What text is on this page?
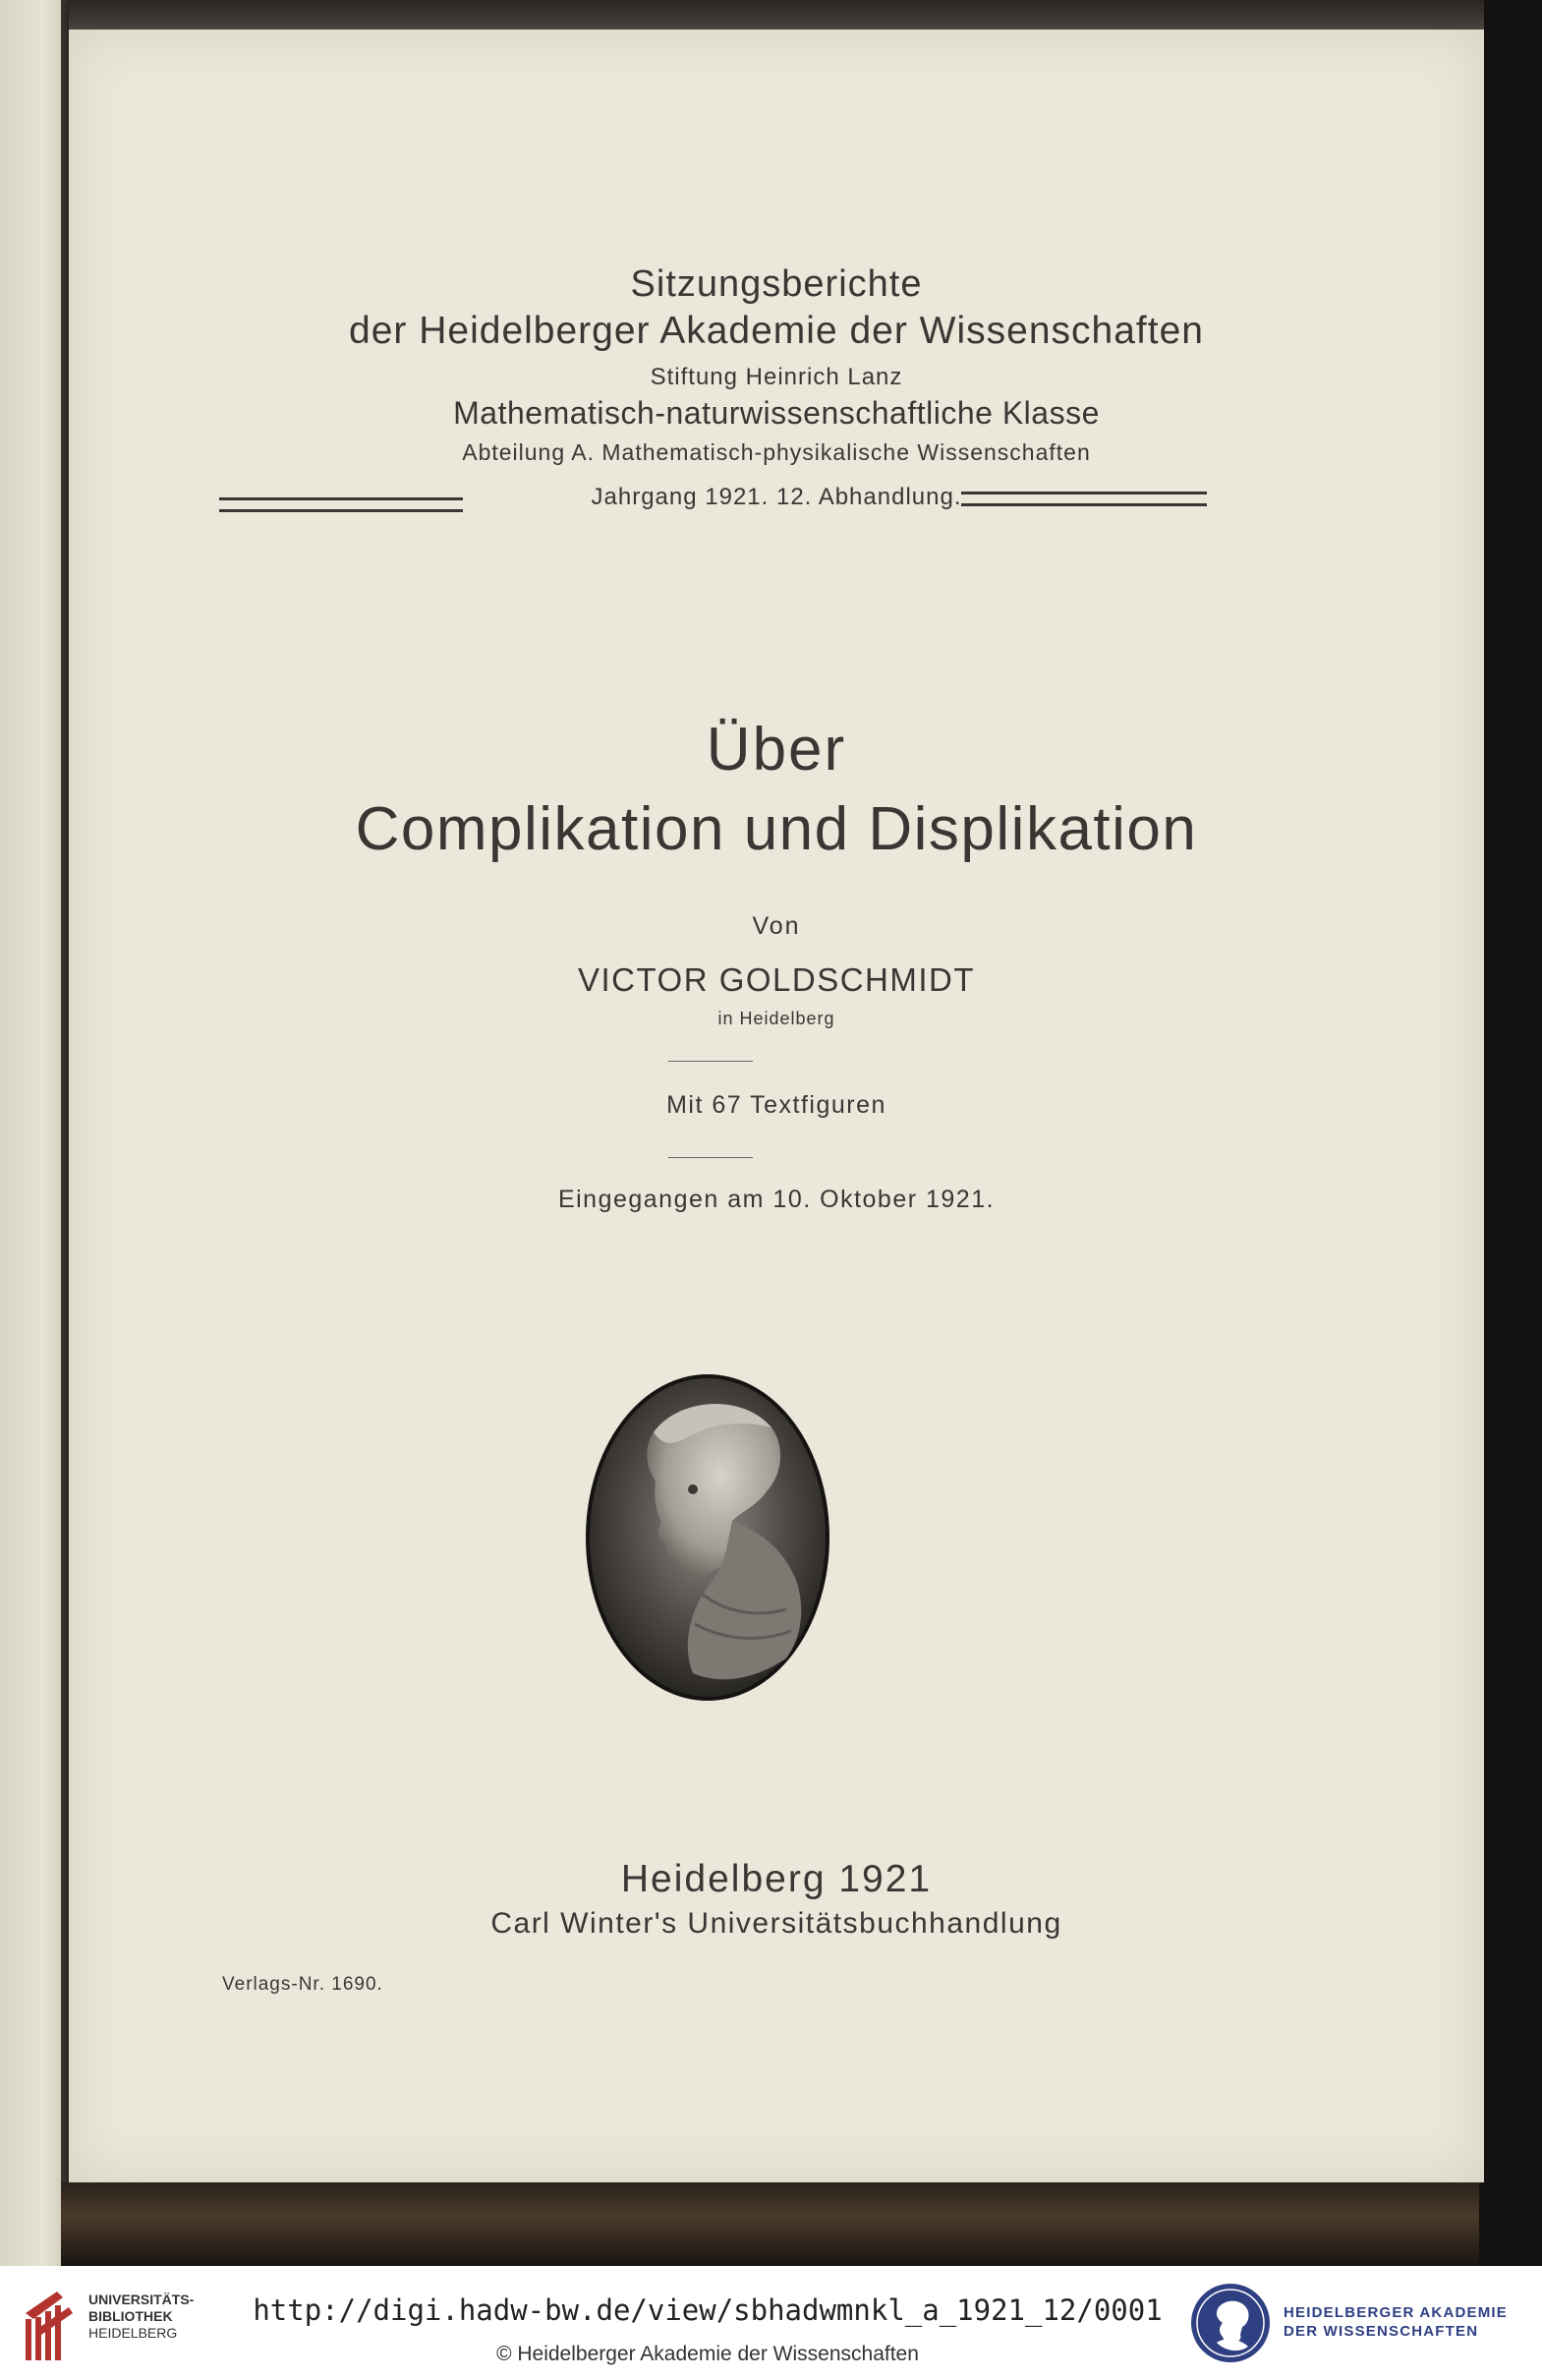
Sitzungsberichte
der Heidelberger Akademie der Wissenschaften
Stiftung Heinrich Lanz
Mathematisch-naturwissenschaftliche Klasse
Abteilung A. Mathematisch-physikalische Wissenschaften
Jahrgang 1921. 12. Abhandlung.
Über
Complikation und Displikation
Von
VICTOR GOLDSCHMIDT
in Heidelberg
Mit 67 Textfiguren
Eingegangen am 10. Oktober 1921.
Heidelberg 1921
Carl Winter's Universitätsbuchhandlung
Verlags-Nr. 1690.
UNIVERSITÄTS-
BIBLIOTHEK
HEIDELBERG
http://digi.hadw-bw.de/view/sbhadwmnkl_a_1921_12/0001
© Heidelberger Akademie der Wissenschaften
HEIDELBERGER AKADEMIE
DER WISSENSCHAFTEN
